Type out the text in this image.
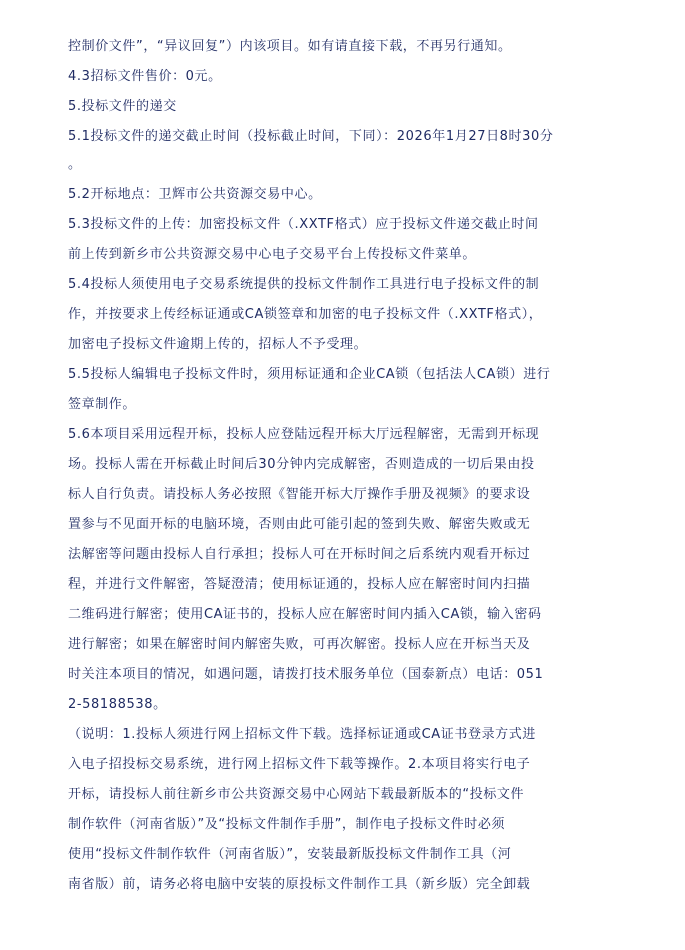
控制价文件”，“异议回复”）内该项目。如有请直接下载，不再另行通知。
4.3招标文件售价：0元。
5.投标文件的递交
5.1投标文件的递交截止时间（投标截止时间，下同）：2026年1月27日8时30分
。
5.2开标地点：卫辉市公共资源交易中心。
5.3投标文件的上传：加密投标文件（.XXTF格式）应于投标文件递交截止时间
前上传到新乡市公共资源交易中心电子交易平台上传投标文件菜单。
5.4投标人须使用电子交易系统提供的投标文件制作工具进行电子投标文件的制
作，并按要求上传经标证通或CA锁签章和加密的电子投标文件（.XXTF格式），
加密电子投标文件逾期上传的，招标人不予受理。
5.5投标人编辑电子投标文件时，须用标证通和企业CA锁（包括法人CA锁）进行
签章制作。
5.6本项目采用远程开标，投标人应登陆远程开标大厅远程解密，无需到开标现
场。投标人需在开标截止时间后30分钟内完成解密，否则造成的一切后果由投
标人自行负责。请投标人务必按照《智能开标大厅操作手册及视频》的要求设
置参与不见面开标的电脑环境，否则由此可能引起的签到失败、解密失败或无
法解密等问题由投标人自行承担；投标人可在开标时间之后系统内观看开标过
程，并进行文件解密，答疑澄清；使用标证通的，投标人应在解密时间内扫描
二维码进行解密；使用CA证书的，投标人应在解密时间内插入CA锁，输入密码
进行解密；如果在解密时间内解密失败，可再次解密。投标人应在开标当天及
时关注本项目的情况，如遇问题，请拨打技术服务单位（国泰新点）电话：051
2-58188538。
（说明：1.投标人须进行网上招标文件下载。选择标证通或CA证书登录方式进
入电子招投标交易系统，进行网上招标文件下载等操作。2.本项目将实行电子
开标，请投标人前往新乡市公共资源交易中心网站下载最新版本的“投标文件
制作软件（河南省版）”及“投标文件制作手册”，制作电子投标文件时必须
使用“投标文件制作软件（河南省版）”，安装最新版投标文件制作工具（河
南省版）前，请务必将电脑中安装的原投标文件制作工具（新乡版）完全卸载
